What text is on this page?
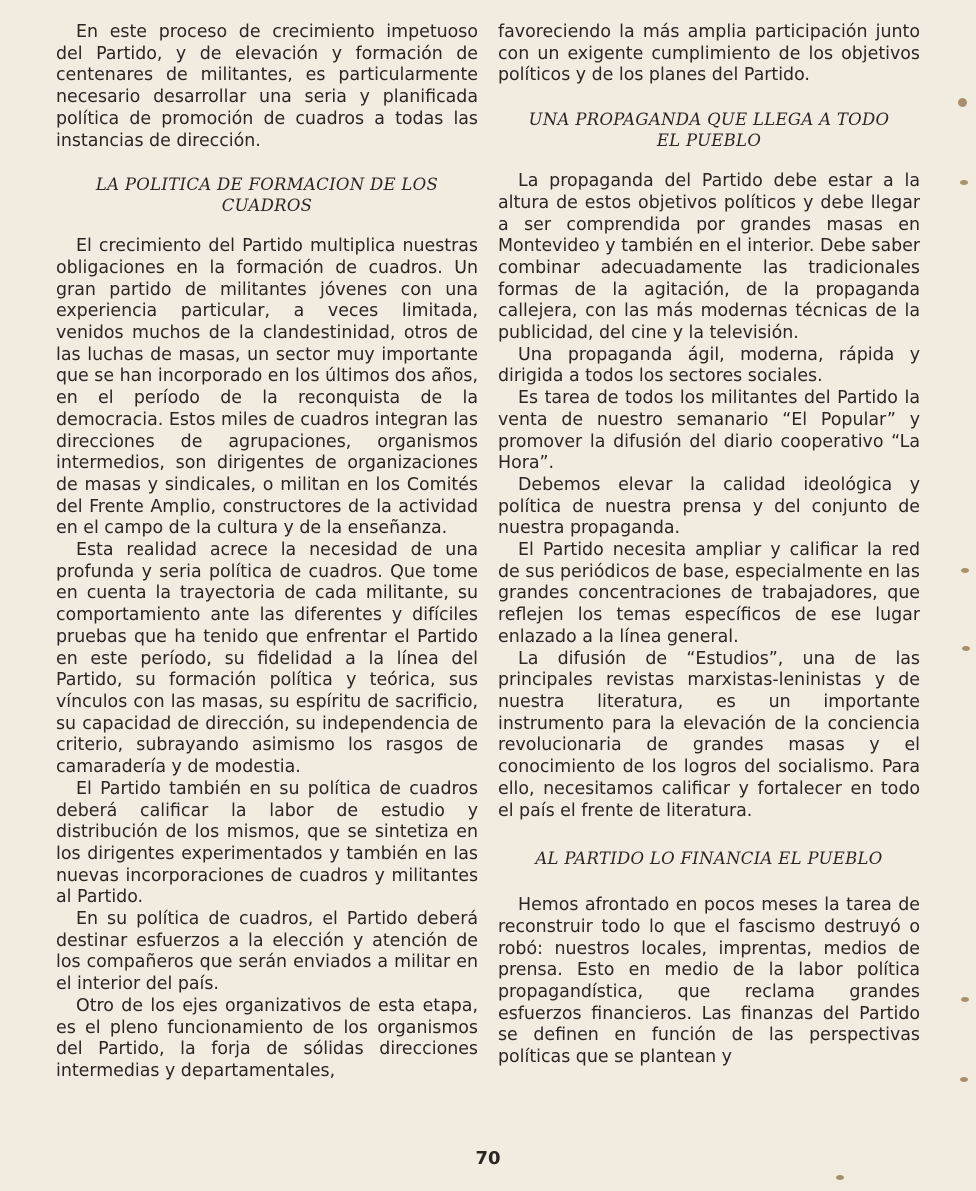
En este proceso de crecimiento impetuoso del Partido, y de elevación y formación de centenares de militantes, es particularmente necesario desarrollar una seria y planificada política de promoción de cuadros a todas las instancias de dirección.

LA POLITICA DE FORMACION DE LOS CUADROS

El crecimiento del Partido multiplica nuestras obligaciones en la formación de cuadros. Un gran partido de militantes jóvenes con una experiencia particular, a veces limitada, venidos muchos de la clandestinidad, otros de las luchas de masas, un sector muy importante que se han incorporado en los últimos dos años, en el período de la reconquista de la democracia. Estos miles de cuadros integran las direcciones de agrupaciones, organismos intermedios, son dirigentes de organizaciones de masas y sindicales, o militan en los Comités del Frente Amplio, constructores de la actividad en el campo de la cultura y de la enseñanza.

Esta realidad acrece la necesidad de una profunda y seria política de cuadros. Que tome en cuenta la trayectoria de cada militante, su comportamiento ante las diferentes y difíciles pruebas que ha tenido que enfrentar el Partido en este período, su fidelidad a la línea del Partido, su formación política y teórica, sus vínculos con las masas, su espíritu de sacrificio, su capacidad de dirección, su independencia de criterio, subrayando asimismo los rasgos de camaradería y de modestia.

El Partido también en su política de cuadros deberá calificar la labor de estudio y distribución de los mismos, que se sintetiza en los dirigentes experimentados y también en las nuevas incorporaciones de cuadros y militantes al Partido.

En su política de cuadros, el Partido deberá destinar esfuerzos a la elección y atención de los compañeros que serán enviados a militar en el interior del país.

Otro de los ejes organizativos de esta etapa, es el pleno funcionamiento de los organismos del Partido, la forja de sólidas direcciones intermedias y departamentales,

favoreciendo la más amplia participación junto con un exigente cumplimiento de los objetivos políticos y de los planes del Partido.

UNA PROPAGANDA QUE LLEGA A TODO EL PUEBLO

La propaganda del Partido debe estar a la altura de estos objetivos políticos y debe llegar a ser comprendida por grandes masas en Montevideo y también en el interior. Debe saber combinar adecuadamente las tradicionales formas de la agitación, de la propaganda callejera, con las más modernas técnicas de la publicidad, del cine y la televisión.

Una propaganda ágil, moderna, rápida y dirigida a todos los sectores sociales.

Es tarea de todos los militantes del Partido la venta de nuestro semanario “El Popular” y promover la difusión del diario cooperativo “La Hora”.

Debemos elevar la calidad ideológica y política de nuestra prensa y del conjunto de nuestra propaganda.

El Partido necesita ampliar y calificar la red de sus periódicos de base, especialmente en las grandes concentraciones de trabajadores, que reflejen los temas específicos de ese lugar enlazado a la línea general.

La difusión de “Estudios”, una de las principales revistas marxistas-leninistas y de nuestra literatura, es un importante instrumento para la elevación de la conciencia revolucionaria de grandes masas y el conocimiento de los logros del socialismo. Para ello, necesitamos calificar y fortalecer en todo el país el frente de literatura.

AL PARTIDO LO FINANCIA EL PUEBLO

Hemos afrontado en pocos meses la tarea de reconstruir todo lo que el fascismo destruyó o robó: nuestros locales, imprentas, medios de prensa. Esto en medio de la labor política propagandística, que reclama grandes esfuerzos financieros. Las finanzas del Partido se definen en función de las perspectivas políticas que se plantean y

70
